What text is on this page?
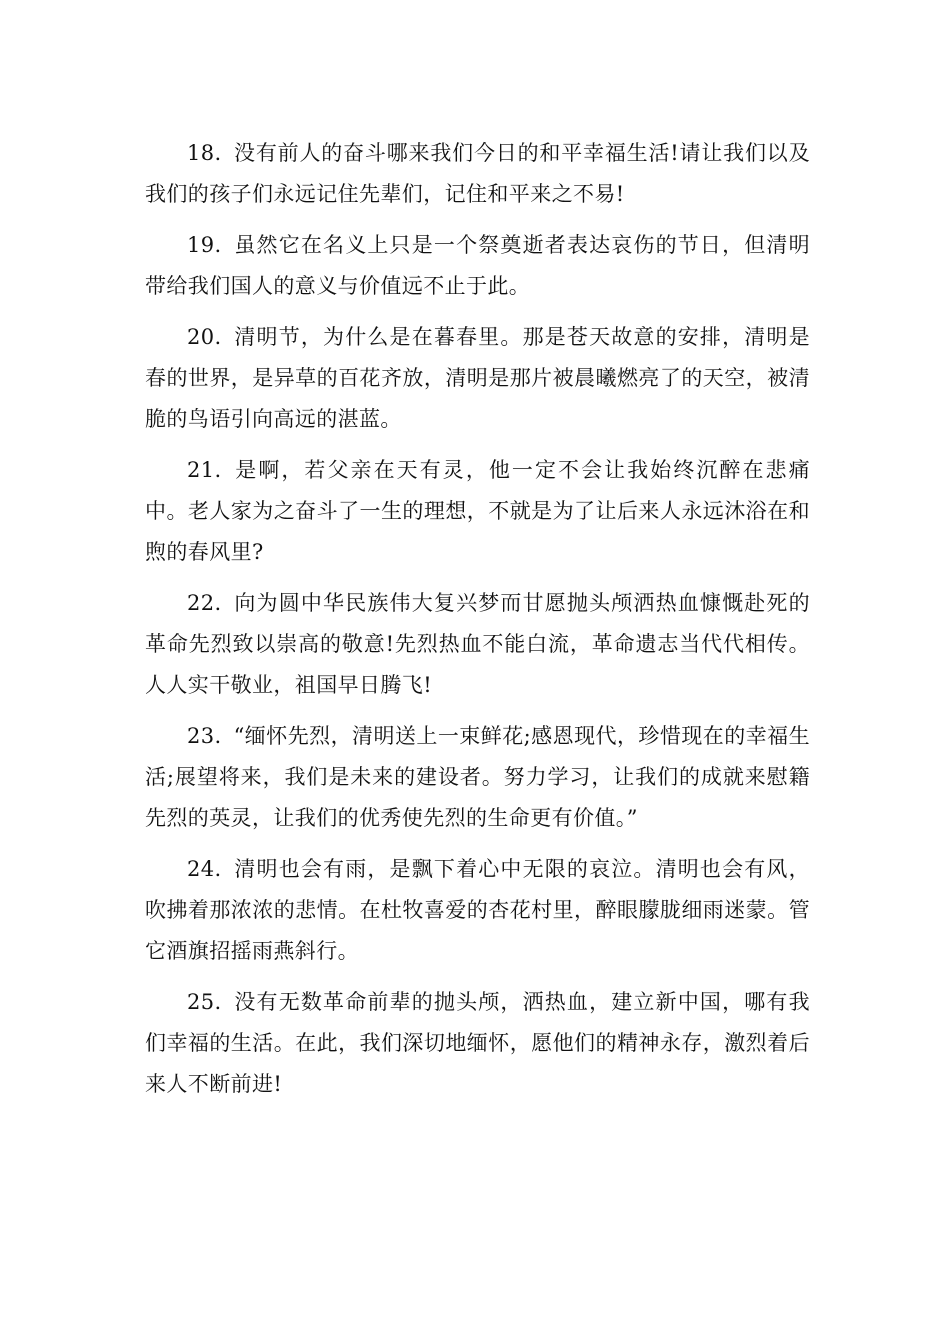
18. 没有前人的奋斗哪来我们今日的和平幸福生活!请让我们以及我们的孩子们永远记住先辈们，记住和平来之不易!

19. 虽然它在名义上只是一个祭奠逝者表达哀伤的节日，但清明带给我们国人的意义与价值远不止于此。

20. 清明节，为什么是在暮春里。那是苍天故意的安排，清明是春的世界，是异草的百花齐放，清明是那片被晨曦燃亮了的天空，被清脆的鸟语引向高远的湛蓝。

21. 是啊，若父亲在天有灵，他一定不会让我始终沉醉在悲痛中。老人家为之奋斗了一生的理想，不就是为了让后来人永远沐浴在和煦的春风里?

22. 向为圆中华民族伟大复兴梦而甘愿抛头颅洒热血慷慨赴死的革命先烈致以崇高的敬意!先烈热血不能白流，革命遗志当代代相传。人人实干敬业，祖国早日腾飞!

23. “缅怀先烈，清明送上一束鲜花;感恩现代，珍惜现在的幸福生活;展望将来，我们是未来的建设者。努力学习，让我们的成就来慰籍先烈的英灵，让我们的优秀使先烈的生命更有价值。”

24. 清明也会有雨，是飘下着心中无限的哀泣。清明也会有风，吹拂着那浓浓的悲情。在杜牧喜爱的杏花村里，醉眼朦胧细雨迷蒙。管它酒旗招摇雨燕斜行。

25. 没有无数革命前辈的抛头颅，洒热血，建立新中国，哪有我们幸福的生活。在此，我们深切地缅怀，愿他们的精神永存，激烈着后来人不断前进!
